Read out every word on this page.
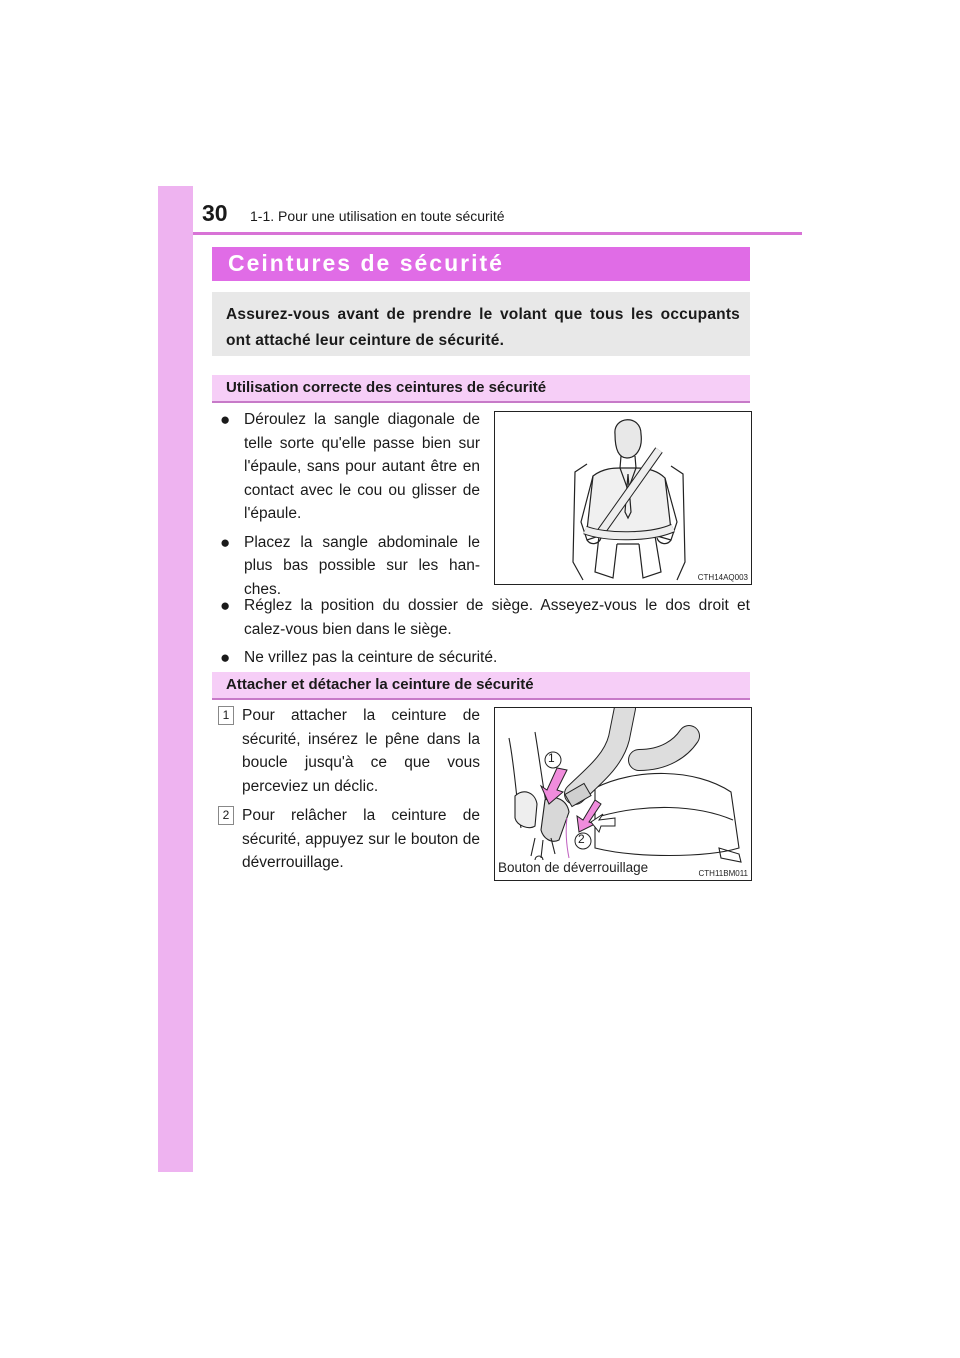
30 1-1. Pour une utilisation en toute sécurité
Ceintures de sécurité
Assurez-vous avant de prendre le volant que tous les occupants ont attaché leur ceinture de sécurité.
Utilisation correcte des ceintures de sécurité
● Déroulez la sangle diagonale de telle sorte qu'elle passe bien sur l'épaule, sans pour autant être en contact avec le cou ou glisser de l'épaule.
● Placez la sangle abdominale le plus bas possible sur les han-ches.
● Réglez la position du dossier de siège. Asseyez-vous le dos droit et calez-vous bien dans le siège.
● Ne vrillez pas la ceinture de sécurité.
CTH14AQ003
Attacher et détacher la ceinture de sécurité
1 Pour attacher la ceinture de sécurité, insérez le pêne dans la boucle jusqu'à ce que vous perceviez un déclic.
2 Pour relâcher la ceinture de sécurité, appuyez sur le bouton de déverrouillage.
1
2
Bouton de déverrouillage	CTH11BM011
